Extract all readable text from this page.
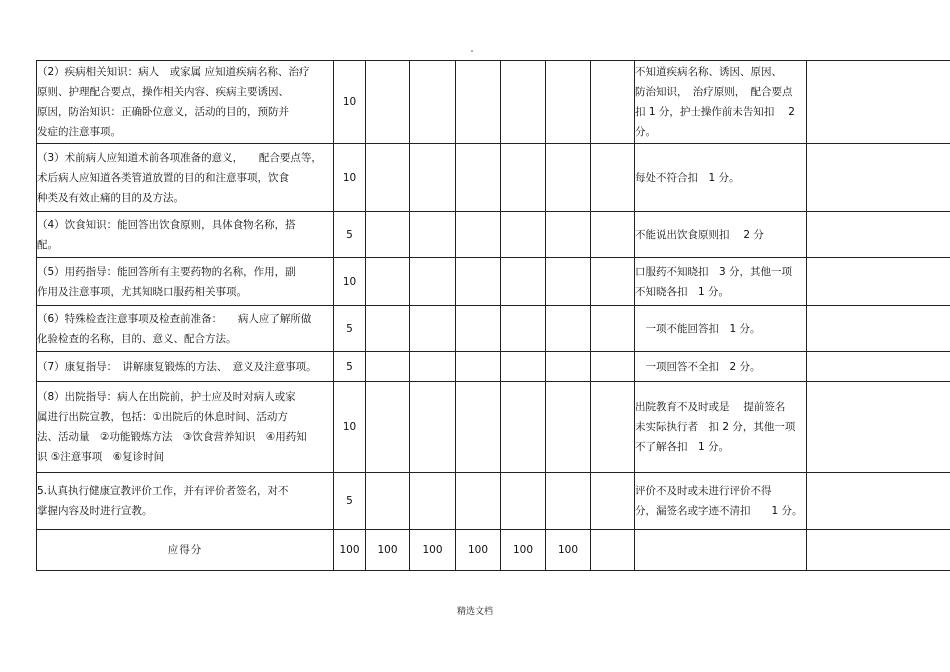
（2）疾病相关知识：病人　或家属 应知道疾病名称、治疗
原则、护理配合要点，操作相关内容、疾病主要诱因、
原因，防治知识：正确卧位意义，活动的目的，预防并
发症的注意事项。	10							不知道疾病名称、诱因、原因、
防治知识，　治疗原则，　配合要点
扣 1 分，护士操作前未告知扣　 2
分。	

（3）术前病人应知道术前各项准备的意义，　　配合要点等，
术后病人应知道各类管道放置的目的和注意事项，饮食
种类及有效止痛的目的及方法。	10							每处不符合扣　1 分。	

（4）饮食知识：能回答出饮食原则，具体食物名称，搭
配。	5							不能说出饮食原则扣　 2 分	

（5）用药指导：能回答所有主要药物的名称，作用，副
作用及注意事项，尤其知晓口服药相关事项。	10							口服药不知晓扣　3 分，其他一项
不知晓各扣　1 分。	

（6）特殊检查注意事项及检查前准备：　　病人应了解所做
化验检查的名称，目的、意义、配合方法。	5							　一项不能回答扣　1 分。	

（7）康复指导：　讲解康复锻炼的方法、　意义及注意事项。	5							　一项回答不全扣　2 分。	

（8）出院指导：病人在出院前，护士应及时对病人或家
属进行出院宣教，包括：①出院后的休息时间、活动方
法、活动量　②功能锻炼方法　③饮食营养知识　④用药知
识 ⑤注意事项　⑥复诊时间	10							出院教育不及时或是　 提前签名
未实际执行者　扣 2 分，其他一项
不了解各扣　1 分。	

5.认真执行健康宣教评价工作，并有评价者签名，对不
掌握内容及时进行宣教。	5							评价不及时或未进行评价不得
分，漏签名或字迹不清扣　　1 分。	

应得分	100	100	100	100	100	100			
精选文档
